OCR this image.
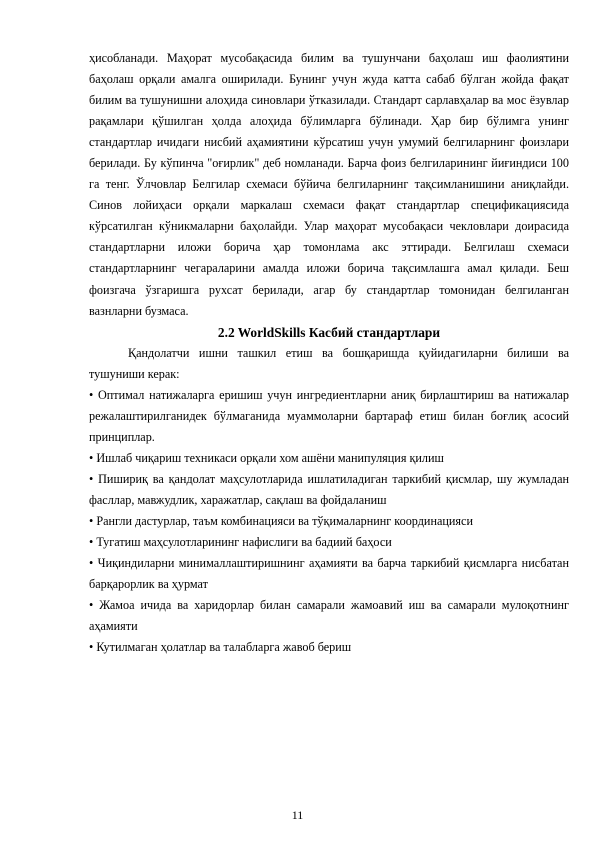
ҳисобланади. Маҳорат мусобақасида билим ва тушунчани баҳолаш иш фаолиятини баҳолаш орқали амалга оширилади. Бунинг учун жуда катта сабаб бўлган жойда фақат билим ва тушунишни алоҳида синовлари ўтказилади. Стандарт сарлавҳалар ва мос ёзувлар рақамлари қўшилган ҳолда алоҳида бўлимларга бўлинади. Ҳар бир бўлимга унинг стандартлар ичидаги нисбий аҳамиятини кўрсатиш учун умумий белгиларнинг фоизлари берилади. Бу кўпинча "оғирлик" деб номланади. Барча фоиз белгиларининг йиғиндиси 100 га тенг. Ўлчовлар Белгилар схемаси бўйича белгиларнинг тақсимланишини аниқлайди. Синов лойиҳаси орқали маркалаш схемаси фақат стандартлар спецификациясида кўрсатилган кўникмаларни баҳолайди. Улар маҳорат мусобақаси чекловлари доирасида стандартларни иложи борича ҳар томонлама акс эттиради. Белгилаш схемаси стандартларнинг чегараларини амалда иложи борича тақсимлашга амал қилади. Беш фоизгача ўзгаришга рухсат берилади, агар бу стандартлар томонидан белгиланган вазнларни бузмаса.

2.2 WorldSkills Касбий стандартлари

Қандолатчи ишни ташкил етиш ва бошқаришда қуйидагиларни билиши ва тушуниши керак:

• Оптимал натижаларга еришиш учун ингредиентларни аниқ бирлаштириш ва натижалар режалаштирилганидек бўлмаганида муаммоларни бартараф етиш билан боғлиқ асосий принциплар.
• Ишлаб чиқариш техникаси орқали хом ашёни манипуляция қилиш
• Пишириқ ва қандолат маҳсулотларида ишлатиладиган таркибий қисмлар, шу жумладан фасллар, мавжудлик, харажатлар, сақлаш ва фойдаланиш
• Рангли дастурлар, таъм комбинацияси ва тўқималарнинг координацияси
• Тугатиш маҳсулотларининг нафислиги ва бадиий баҳоси
• Чиқиндиларни минималлаштиришнинг аҳамияти ва барча таркибий қисмларга нисбатан барқарорлик ва ҳурмат
• Жамоа ичида ва харидорлар билан самарали жамоавий иш ва самарали мулоқотнинг аҳамияти
• Кутилмаган ҳолатлар ва талабларга жавоб бериш
11
